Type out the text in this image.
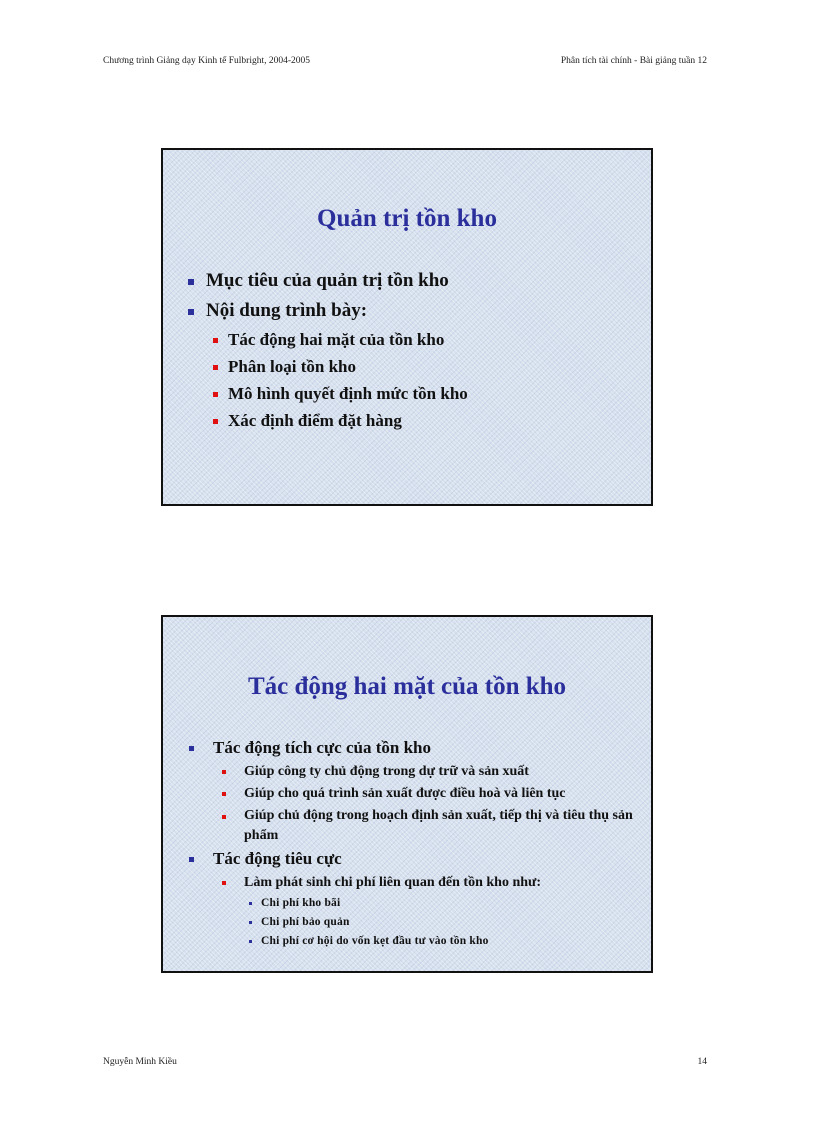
Chương trình Giảng dạy Kinh tế Fulbright, 2004-2005	Phân tích tài chính - Bài giảng tuần 12
Quản trị tồn kho
Mục tiêu của quản trị tồn kho
Nội dung trình bày:
Tác động hai mặt của tồn kho
Phân loại tồn kho
Mô hình quyết định mức tồn kho
Xác định điểm đặt hàng
Tác động hai mặt của tồn kho
Tác động tích cực của tồn kho
Giúp công ty chủ động trong dự trữ và sản xuất
Giúp cho quá trình sản xuất được điều hoà và liên tục
Giúp chủ động trong hoạch định sản xuất, tiếp thị và tiêu thụ sản phẩm
Tác động tiêu cực
Làm phát sinh chi phí liên quan đến tồn kho như:
Chi phí kho bãi
Chi phí bảo quản
Chi phí cơ hội do vốn kẹt đầu tư vào tồn kho
Nguyễn Minh Kiều	14
